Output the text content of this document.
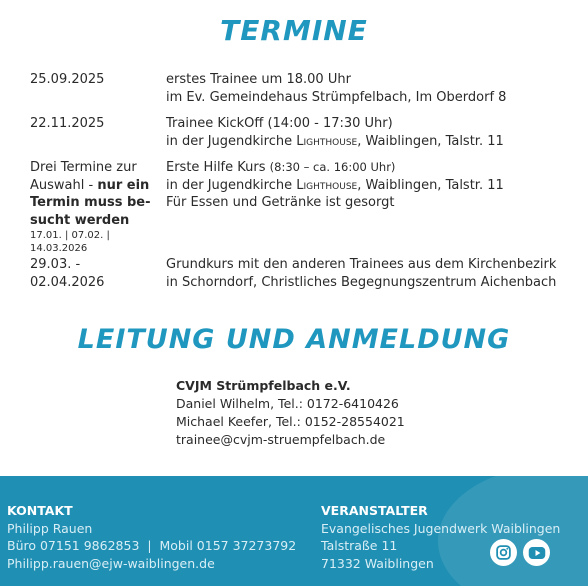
TERMINE
25.09.2025	erstes Trainee um 18.00 Uhr
im Ev. Gemeindehaus Strümpfelbach, Im Oberdorf 8
22.11.2025	Trainee KickOff (14:00 - 17:30 Uhr)
in der Jugendkirche Lighthouse, Waiblingen, Talstr. 11
Drei Termine zur
Auswahl - nur ein
Termin muss be-
sucht werden
17.01. | 07.02. | 14.03.2026
Erste Hilfe Kurs (8:30 – ca. 16:00 Uhr)
in der Jugendkirche Lighthouse, Waiblingen, Talstr. 11
Für Essen und Getränke ist gesorgt
29.03. - 02.04.2026
Grundkurs mit den anderen Trainees aus dem Kirchenbezirk
in Schorndorf, Christliches Begegnungszentrum Aichenbach
LEITUNG UND ANMELDUNG
CVJM Strümpfelbach e.V.
Daniel Wilhelm, Tel.: 0172-6410426
Michael Keefer, Tel.: 0152-28554021
trainee@cvjm-struempfelbach.de
KONTAKT
Philipp Rauen
Büro 07151 9862853  |  Mobil 0157 37273792
Philipp.rauen@ejw-waiblingen.de
VERANSTALTER
Evangelisches Jugendwerk Waiblingen
Talstraße 11
71332 Waiblingen
